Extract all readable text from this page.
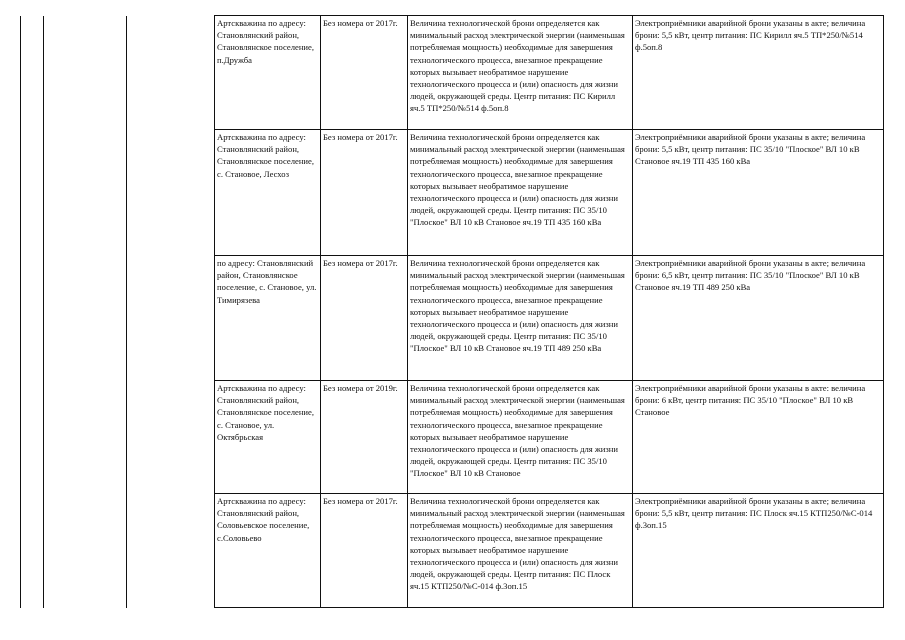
Артскважина по адресу: Становлянский район, Становлянское поселение, п.Дружба	Без номера от 2017г.	Величина технологической брони определяется как минимальный расход электрической энергии (наименьшая потребляемая мощность) необходимые для завершения технологического процесса, внезапное прекращение которых вызывает необратимое нарушение технологического процесса и (или) опасность для жизни людей, окружающей среды. Центр питания: ПС Кирилл яч.5 ТП*250/№514 ф.5оп.8	Электроприёмники аварийной брони указаны в акте; величина брони: 5,5 кВт, центр питания: ПС Кирилл яч.5 ТП*250/№514 ф.5оп.8
Артскважина по адресу: Становлянский район, Становлянское поселение, с. Становое, Лесхоз	Без номера от 2017г.	Величина технологической брони определяется как минимальный расход электрической энергии (наименьшая потребляемая мощность) необходимые для завершения технологического процесса, внезапное прекращение которых вызывает необратимое нарушение технологического процесса и (или) опасность для жизни людей, окружающей среды. Центр питания: ПС 35/10 "Плоское" ВЛ 10 кВ Становое яч.19 ТП 435 160 кВа	Электроприёмники аварийной брони указаны в акте; величина брони: 5,5 кВт, центр питания: ПС 35/10 "Плоское" ВЛ 10 кВ Становое яч.19 ТП 435 160 кВа
по адресу: Становлянский район, Становлянское поселение, с. Становое, ул. Тимирязева	Без номера от 2017г.	Величина технологической брони определяется как минимальный расход электрической энергии (наименьшая потребляемая мощность) необходимые для завершения технологического процесса, внезапное прекращение которых вызывает необратимое нарушение технологического процесса и (или) опасность для жизни людей, окружающей среды. Центр питания: ПС 35/10 "Плоское" ВЛ 10 кВ Становое яч.19 ТП 489 250 кВа	Электроприёмники аварийной брони указаны в акте; величина брони: 6,5 кВт, центр питания: ПС 35/10 "Плоское" ВЛ 10 кВ Становое яч.19 ТП 489 250 кВа
Артскважина по адресу: Становлянский район, Становлянское поселение, с. Становое, ул. Октябрьская	Без номера от 2019г.	Величина технологической брони определяется как минимальный расход электрической энергии (наименьшая потребляемая мощность) необходимые для завершения технологического процесса, внезапное прекращение которых вызывает необратимое нарушение технологического процесса и (или) опасность для жизни людей, окружающей среды. Центр питания: ПС 35/10 "Плоское" ВЛ 10 кВ Становое	Электроприёмники аварийной брони указаны в акте: величина брони: 6 кВт, центр питания: ПС 35/10 "Плоское" ВЛ 10 кВ Становое
Артскважина по адресу: Становлянский район, Соловьевское поселение, с.Соловьево	Без номера от 2017г.	Величина технологической брони определяется как минимальный расход электрической энергии (наименьшая потребляемая мощность) необходимые для завершения технологического процесса, внезапное прекращение которых вызывает необратимое нарушение технологического процесса и (или) опасность для жизни людей, окружающей среды. Центр питания: ПС Плоск яч.15 КТП250/№С-014 ф.3оп.15	Электроприёмники аварийной брони указаны в акте; величина брони: 5,5 кВт, центр питания: ПС Плоск яч.15 КТП250/№С-014 ф.3оп.15
